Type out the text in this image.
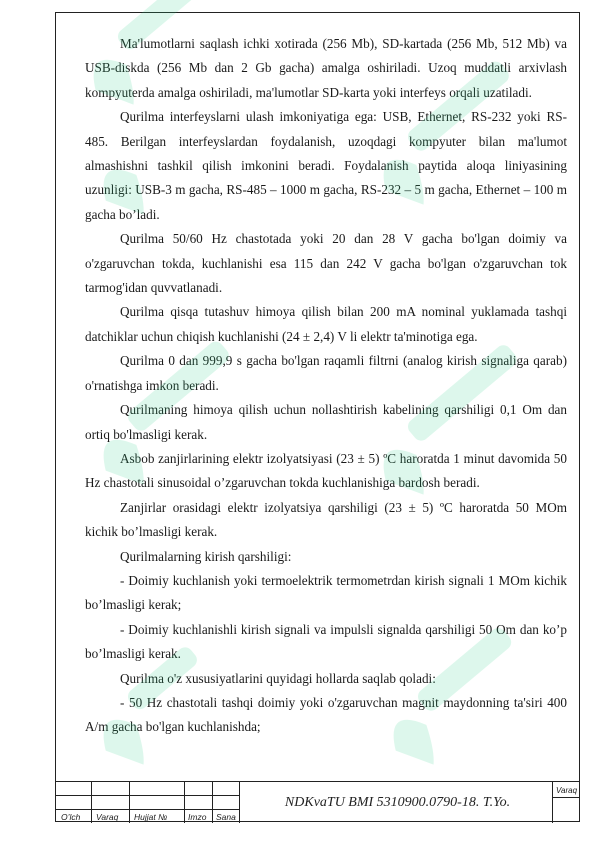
Ma'lumotlarni saqlash ichki xotirada (256 Mb), SD-kartada (256 Mb, 512 Mb) va USB-diskda (256 Mb dan 2 Gb gacha) amalga oshiriladi. Uzoq muddatli arxivlash kompyuterda amalga oshiriladi, ma'lumotlar SD-karta yoki interfeys orqali uzatiladi.

Qurilma interfeyslarni ulash imkoniyatiga ega: USB, Ethernet, RS-232 yoki RS-485. Berilgan interfeyslardan foydalanish, uzoqdagi kompyuter bilan ma'lumot almashishni tashkil qilish imkonini beradi. Foydalanish paytida aloqa liniyasining uzunligi: USB-3 m gacha, RS-485 – 1000 m gacha, RS-232 – 5 m gacha, Ethernet – 100 m gacha bo’ladi.

Qurilma 50/60 Hz chastotada yoki 20 dan 28 V gacha bo'lgan doimiy va o'zgaruvchan tokda, kuchlanishi esa 115 dan 242 V gacha bo'lgan o'zgaruvchan tok tarmog'idan quvvatlanadi.

Qurilma qisqa tutashuv himoya qilish bilan 200 mA nominal yuklamada tashqi datchiklar uchun chiqish kuchlanishi (24 ± 2,4) V li elektr ta'minotiga ega.

Qurilma 0 dan 999,9 s gacha bo'lgan raqamli filtrni (analog kirish signaliga qarab) o'rnatishga imkon beradi.

Qurilmaning himoya qilish uchun nollashtirish kabelining qarshiligi 0,1 Om dan ortiq bo'lmasligi kerak.

Asbob zanjirlarining elektr izolyatsiyasi (23 ± 5) ºC haroratda 1 minut davomida 50 Hz chastotali sinusoidal o’zgaruvchan tokda kuchlanishiga bardosh beradi.

Zanjirlar orasidagi elektr izolyatsiya qarshiligi (23 ± 5) ºC haroratda 50 MOm kichik bo’lmasligi kerak.

Qurilmalarning kirish qarshiligi:

- Doimiy kuchlanish yoki termoelektrik termometrdan kirish signali 1 MOm kichik bo’lmasligi kerak;

- Doimiy kuchlanishli kirish signali va impulsli signalda qarshiligi 50 Om dan ko’p bo’lmasligi kerak.

Qurilma o'z xususiyatlarini quyidagi hollarda saqlab qoladi:

- 50 Hz chastotali tashqi doimiy yoki o'zgaruvchan magnit maydonning ta'siri 400 A/m gacha bo'lgan kuchlanishda;

O’lch Varaq Hujjat № Imzo Sana
NDKvaTU BMI 5310900.0790-18. T.Yo.
Varaq
